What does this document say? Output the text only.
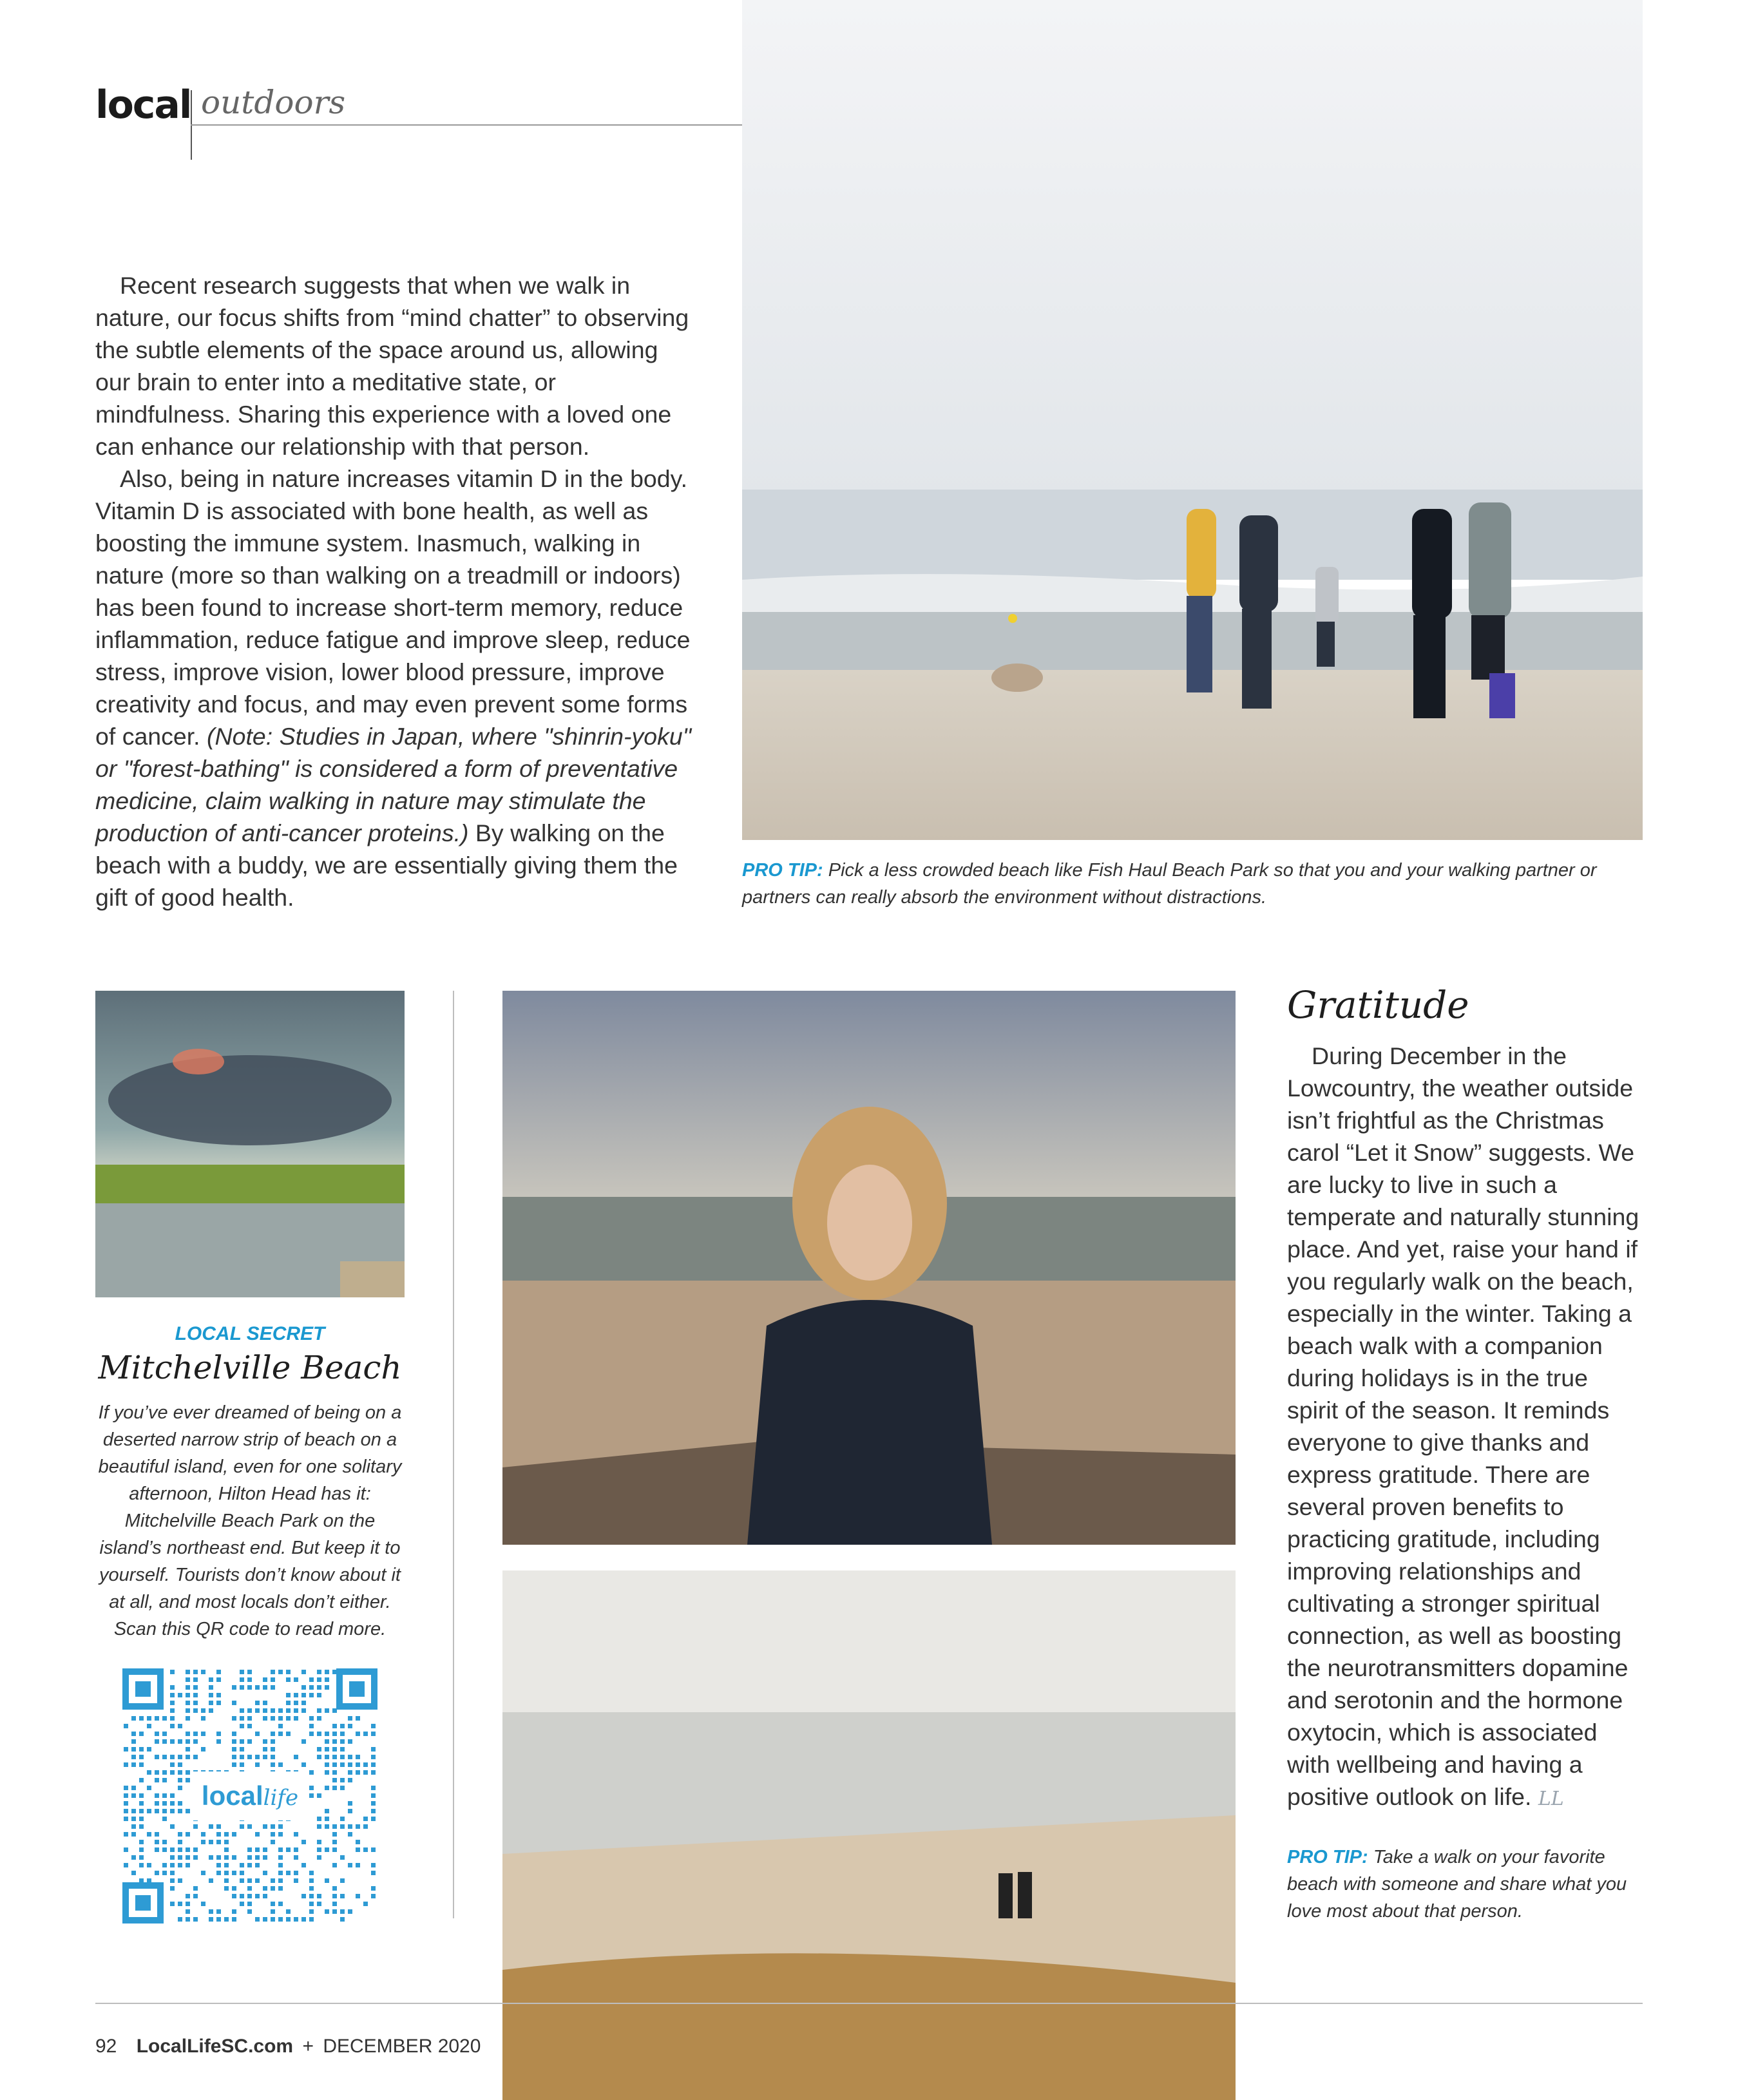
local outdoors

Recent research suggests that when we walk in nature, our focus shifts from “mind chatter” to observing the subtle elements of the space around us, allowing our brain to enter into a meditative state, or mindfulness. Sharing this experience with a loved one can enhance our relationship with that person.

Also, being in nature increases vitamin D in the body. Vitamin D is associated with bone health, as well as boosting the immune system. Inasmuch, walking in nature (more so than walking on a treadmill or indoors) has been found to increase short-term memory, reduce inflammation, reduce fatigue and improve sleep, reduce stress, improve vision, lower blood pressure, improve creativity and focus, and may even prevent some forms of cancer. (Note: Studies in Japan, where "shinrin-yoku" or "forest-bathing" is considered a form of preventative medicine, claim walking in nature may stimulate the production of anti-cancer proteins.) By walking on the beach with a buddy, we are essentially giving them the gift of good health.

PRO TIP: Pick a less crowded beach like Fish Haul Beach Park so that you and your walking partner or partners can really absorb the environment without distractions.
LOCAL SECRET
Mitchelville Beach
If you’ve ever dreamed of being on a deserted narrow strip of beach on a beautiful island, even for one solitary afternoon, Hilton Head has it: Mitchelville Beach Park on the island’s northeast end. But keep it to yourself. Tourists don’t know about it at all, and most locals don’t either. Scan this QR code to read more.
locallife
Gratitude

During December in the Lowcountry, the weather outside isn’t frightful as the Christmas carol “Let it Snow” suggests. We are lucky to live in such a temperate and naturally stunning place. And yet, raise your hand if you regularly walk on the beach, especially in the winter. Taking a beach walk with a companion during holidays is in the true spirit of the season. It reminds everyone to give thanks and express gratitude. There are several proven benefits to practicing gratitude, including improving relationships and cultivating a stronger spiritual connection, as well as boosting the neurotransmitters dopamine and serotonin and the hormone oxytocin, which is associated with wellbeing and having a positive outlook on life. LL

PRO TIP: Take a walk on your favorite beach with someone and share what you love most about that person.
92 LocalLifeSC.com + DECEMBER 2020
